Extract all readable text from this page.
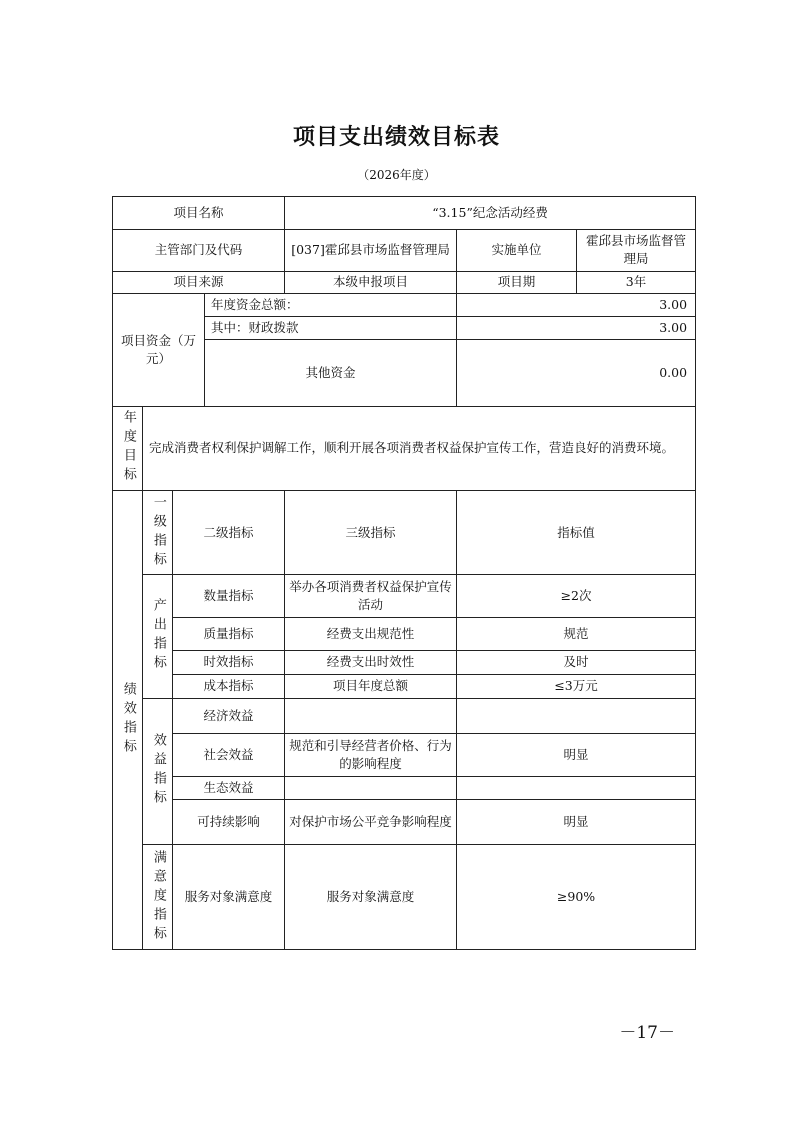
项目支出绩效目标表
（2026年度）
项目名称				“3.15”纪念活动经费		
主管部门及代码				[037]霍邱县市场监督管理局	实施单位	霍邱县市场监督管理局
项目来源				本级申报项目	项目期	3年
项目资金（万元）			年度资金总额：		3.00	
			其中：财政拨款		3.00	
			其他资金		0.00	
年度目标	完成消费者权利保护调解工作，顺利开展各项消费者权益保护宣传工作，营造良好的消费环境。					
绩效指标	一级指标	二级指标		三级指标	指标值	
	产出指标	数量指标		举办各项消费者权益保护宣传活动	≥2次	
		质量指标		经费支出规范性	规范	
		时效指标		经费支出时效性	及时	
		成本指标		项目年度总额	≤3万元	
	效益指标	经济效益				
		社会效益		规范和引导经营者价格、行为的影响程度	明显	
		生态效益				
		可持续影响		对保护市场公平竞争影响程度	明显	
	满意度指标	服务对象满意度		服务对象满意度	≥90%	
－17－
